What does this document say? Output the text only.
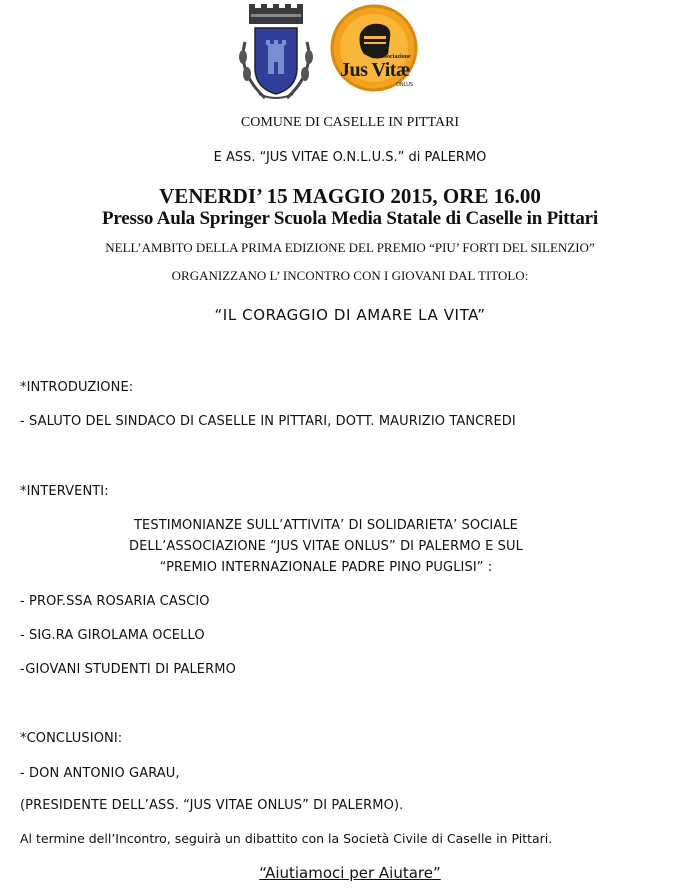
Associazione
Jus Vitæ
ONLUS
COMUNE DI CASELLE IN PITTARI
E ASS. “JUS VITAE O.N.L.U.S.” di PALERMO
VENERDI’ 15 MAGGIO 2015, ORE 16.00
Presso Aula Springer Scuola Media Statale di Caselle in Pittari
NELL’AMBITO DELLA PRIMA EDIZIONE DEL PREMIO “PIU’ FORTI DEL SILENZIO”
ORGANIZZANO L’ INCONTRO CON I GIOVANI DAL TITOLO:
“IL CORAGGIO DI AMARE LA VITA”
*INTRODUZIONE:
- SALUTO DEL SINDACO DI CASELLE IN PITTARI, DOTT. MAURIZIO TANCREDI
*INTERVENTI:
TESTIMONIANZE SULL’ATTIVITA’ DI SOLIDARIETA’ SOCIALE
DELL’ASSOCIAZIONE “JUS VITAE ONLUS” DI PALERMO E SUL
“PREMIO INTERNAZIONALE PADRE PINO PUGLISI” :
- PROF.SSA ROSARIA CASCIO
- SIG.RA GIROLAMA OCELLO
-GIOVANI STUDENTI DI PALERMO
*CONCLUSIONI:
- DON ANTONIO GARAU,
(PRESIDENTE DELL’ASS. “JUS VITAE ONLUS” DI PALERMO).
Al termine dell’Incontro, seguirà un dibattito con la Società Civile di Caselle in Pittari.
“Aiutiamoci per Aiutare”
